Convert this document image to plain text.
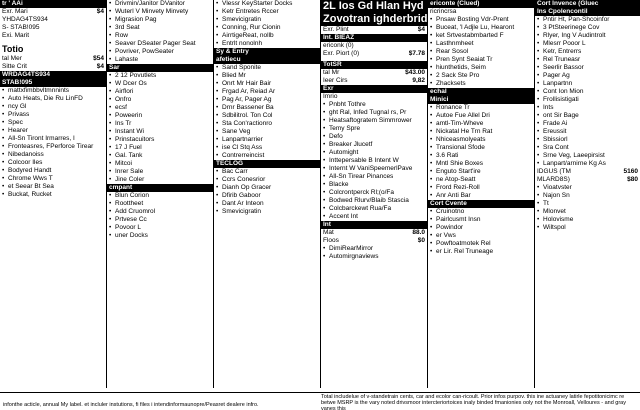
tr ' AAi
Exr. Mari	$4
YHDAG4TS934
S- STAB!095
Exi. Marit
Totio
tal Mer	$54
Sitte Crit	$4
WRDAG4TS934
STAB!095
• mattxfimbbvltmnnints
• Auto Heats, Die Ru LinFD
• ncy Gl
• Privass
• Spec
• Hearer
• All-Sn Tiront Irmarres, I
• Fronteasres, FPerforce Tirear
• Nibedanoiss
• Colcoor Iles
• Bodyred Handt
• Chrome Wws T
• et Seear Bt Sea
• Buckat, Rucket
• Drivmin/Janitor DVanitor
• Wuterl V Minvety Minvety
• Migrasion Pag
• 3rd Seat
• Row
• Seaver DSeater Pager Seat
• Povriver, PowSeater
• Lahaste
Sar
• 2 12 Povutlets
• W Dcer Os
• Airflori
• Onfro
• ecsf
• Poweerin
• Ins Tr
• Instant Wi
• Prinstacuitors
• 17 J Fuel
• Gal. Tank
• Mitcoi
• Inrer Sale
• Jine Coler
cmpant
• Blun Corion
• Roottheet
• Add Cruomrol
• Prtvese Cc
• Povoor L
• uner Docks
• Vlessr KeyStarter Docks
• Ketr Entretes Rccer
• Smevicigratin
• Conning, Rur Cionin
• AirrtigeReat, nollb
• Entrlt nonolnh
Sy & Entry
afetiecu
• Sand Sponite
• Blied Mr
• Onrt Mr Hair Bair
• Frgad Ar, Reiad Ar
• Pag Ar, Pager Ag
• Drnr Bassener Ba
• Sdbilitrol. Ton Col
• Sta Con'ractionro
• Sane Veg
• Lanpartnarrier
• ise Cl Stq Ass
• Contrerreincist
TECLOG
• Bac Carr
• Ccrs Conesrior
• Dianh Op Gracer
• Dfirib Gaboor
• Dant Ar Inteon
• Smevicigratin
2L Ios Gd Hlan Hyd
Zovotran ighderbrid
Exr. Plint	$4
Int. BIEAZ
ericonk (0)
Exr. Piort (0)	$7.78
TotSR
tal Mr	$43.00
Ieer Cirs	9,82
Exr
Imrio
• Pnbht Tothre
• ght Ral, Infed Tugnal rs, Pr
• Heatsaftogratem Simmrower
• Temy Spre
• Defo
• Breaker Jlucetf
• Automight
• Inttepersable B Intent W
• Internt W VaniSpeemerlPave
• All-Sn Tirear Pinances
• Blacke
• Colcrontperck Rl;(o/Fa
• Bodwed Rlurv/Blaib Stascia
• Colcbarckewt Rua/Fa
• Accent Int
Int
Mat	88.0
Floos	$0
• DimiRearMirror
• Automirgnaviews
ericonte (Clued)
ricrincrsa
• Pnsaw Bosting Vdr-Prent
• Buceat, 'l Adjle Lu, Hearont
• ket Srtvestabmbarted F
• Lasthnmheet
• Rear Sosol
• Pren Synt Seaiat Tr
• hiunthetids, Seim
• 2 Sack Ste Pro
• Zhacksets
echal
Minici
• Ronance Tr
• Autoe Fue Allel Dri
• amtl-Tim-Wheve
• Nickatal He Trn Rat
• Nhiceasmolyeats
• Transional Sfode
• 3.6 Rati
• Mntl Shie Boxes
• Enguto Start'ire
• ne Atop-Seatt
• Frord Rezi-Roll
• Anr Anti Bar
Cort Cvente
• Cruinotno
• Pairlcusmt Insn
• Powindor
• er Vws
• Powftoatmotek Rel
• er Lir. Rel Truneage
Cort Invence (Gluec
Ins Cpolencontil
• Pntir Ht, Pan-Shcoinfor
• 3 PtSteerinege Cov
• Rlyer, Ing V Audintrolt
• Mlesrr Pooor L
• Ketr, Entrerrs
• Rel Truneasr
• Seerlir Bassor
• Pager Ag
• Lanpartnn
• Cont Ion Mion
• Frollisistigati
• Ints
• ont Sir Bage
• Frade Ai
• Ereussit
• Sbissiorl
• Sra Cont
• Srne Veg, Laeepirsist
• Lanpart/arnirne Kg As
IDGUS (TM	5160
MLARD8S)	$80
• Vioatvster
• Najon Sn
• Tt
• Mlonvet
• Holovisme
• Wiltspol
infonthe acticle, annual My label. et incluler instutions, fi files i intendinformaunopre/Peasret dealere infro.
Total includelue of v-standetrain cents, car and ecolor can-ricoult. Prior infos purpov. this ine actuaney latirle fepotitonicimc re betwe MSRP is the vary noted drivsmoor intercteriortoices inaly binded fmanionies ooly not the Monroall, Velloures - and gray vanes this
